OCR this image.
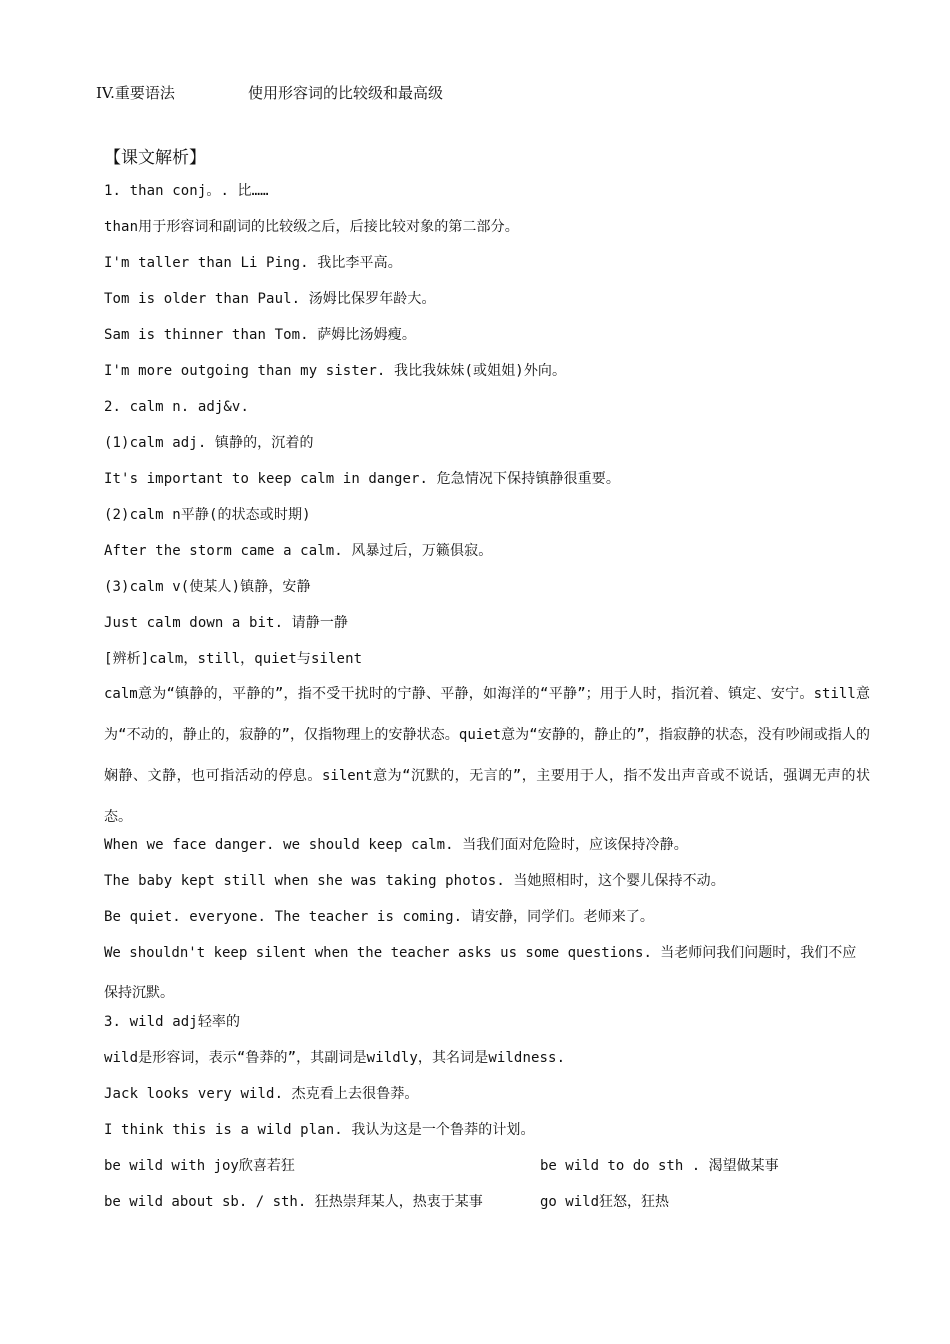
IV.重要语法	使用形容词的比较级和最高级
【课文解析】
1. than conj。. 比……
than用于形容词和副词的比较级之后，后接比较对象的第二部分。
I'm taller than Li Ping. 我比李平高。
Tom is older than Paul. 汤姆比保罗年龄大。
Sam is thinner than Tom. 萨姆比汤姆瘦。
I'm more outgoing than my sister. 我比我妹妹(或姐姐)外向。
2. calm n. adj&v.
(1)calm adj. 镇静的，沉着的
It's important to keep calm in danger. 危急情况下保持镇静很重要。
(2)calm n平静(的状态或时期)
After the storm came a calm. 风暴过后，万籁俱寂。
(3)calm v(使某人)镇静，安静
Just calm down a bit. 请静一静
[辨析]calm，still，quiet与silent
calm意为“镇静的，平静的”，指不受干扰时的宁静、平静，如海洋的“平静”；用于人时，指沉着、镇定、安宁。still意为“不动的，静止的，寂静的”，仅指物理上的安静状态。quiet意为“安静的，静止的”，指寂静的状态，没有吵闹或指人的娴静、文静，也可指活动的停息。silent意为“沉默的，无言的”，主要用于人，指不发出声音或不说话，强调无声的状态。
When we face danger. we should keep calm. 当我们面对危险时，应该保持冷静。
The baby kept still when she was taking photos. 当她照相时，这个婴儿保持不动。
Be quiet. everyone. The teacher is coming. 请安静，同学们。老师来了。
We shouldn't keep silent when the teacher asks us some questions. 当老师问我们问题时，我们不应保持沉默。
3. wild adj轻率的
wild是形容词，表示“鲁莽的”，其副词是wildly，其名词是wildness.
Jack looks very wild. 杰克看上去很鲁莽。
I think this is a wild plan. 我认为这是一个鲁莽的计划。
be wild with joy欣喜若狂	be wild to do sth . 渴望做某事
be wild about sb. / sth. 狂热崇拜某人，热衷于某事	go wild狂怒，狂热
